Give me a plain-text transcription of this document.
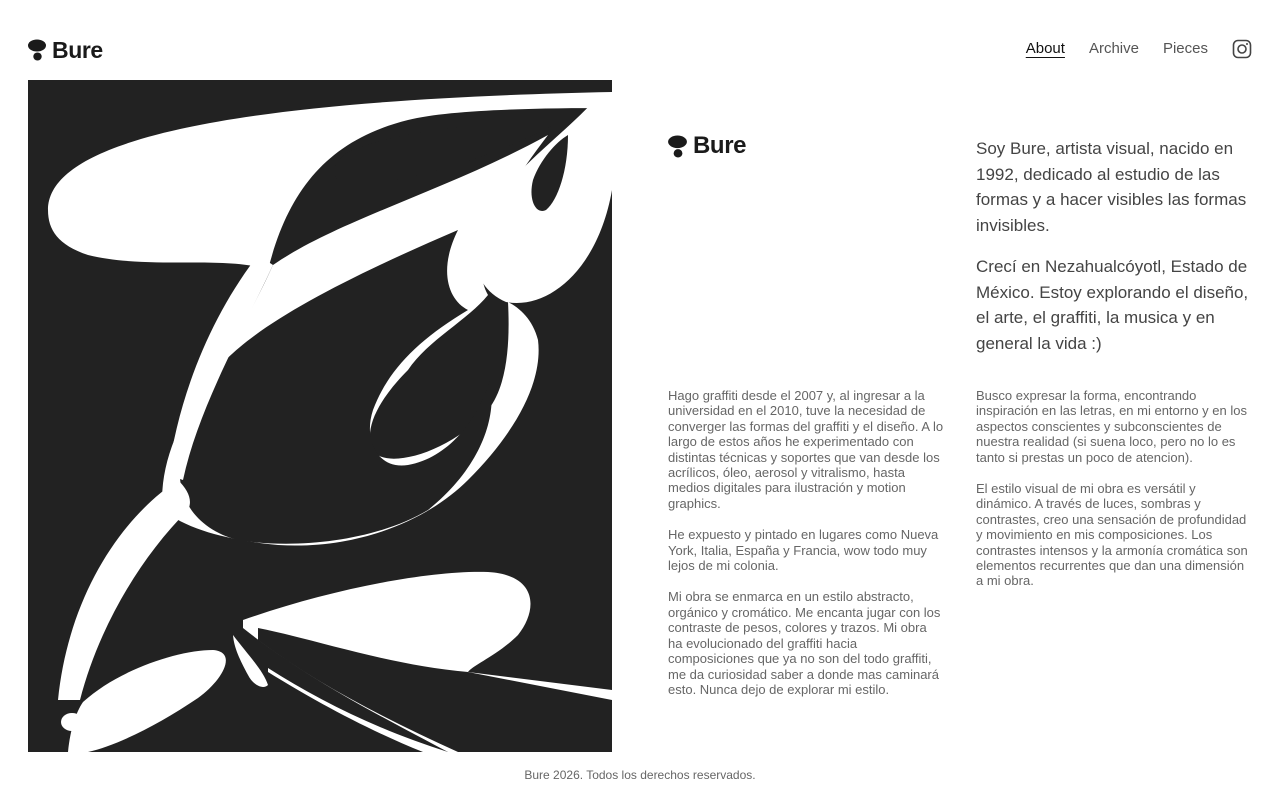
Bure	About Archive Pieces
Bure	Soy Bure, artista visual, nacido en 1992, dedicado al estudio de las formas y a hacer visibles las formas invisibles.

Crecí en Nezahualcóyotl, Estado de México. Estoy explorando el diseño, el arte, el graffiti, la musica y en general la vida :)

Hago graffiti desde el 2007 y, al ingresar a la universidad en el 2010, tuve la necesidad de converger las formas del graffiti y el diseño. A lo largo de estos años he experimentado con distintas técnicas y soportes que van desde los acrílicos, óleo, aerosol y vitralismo, hasta medios digitales para ilustración y motion graphics.

He expuesto y pintado en lugares como Nueva York, Italia, España y Francia, wow todo muy lejos de mi colonia.

Mi obra se enmarca en un estilo abstracto, orgánico y cromático. Me encanta jugar con los contraste de pesos, colores y trazos. Mi obra ha evolucionado del graffiti hacia composiciones que ya no son del todo graffiti, me da curiosidad saber a donde mas caminará esto. Nunca dejo de explorar mi estilo.

Busco expresar la forma, encontrando inspiración en las letras, en mi entorno y en los aspectos conscientes y subconscientes de nuestra realidad (si suena loco, pero no lo es tanto si prestas un poco de atencion).

El estilo visual de mi obra es versátil y dinámico. A través de luces, sombras y contrastes, creo una sensación de profundidad y movimiento en mis composiciones. Los contrastes intensos y la armonía cromática son elementos recurrentes que dan una dimensión a mi obra.

Bure 2026. Todos los derechos reservados.
